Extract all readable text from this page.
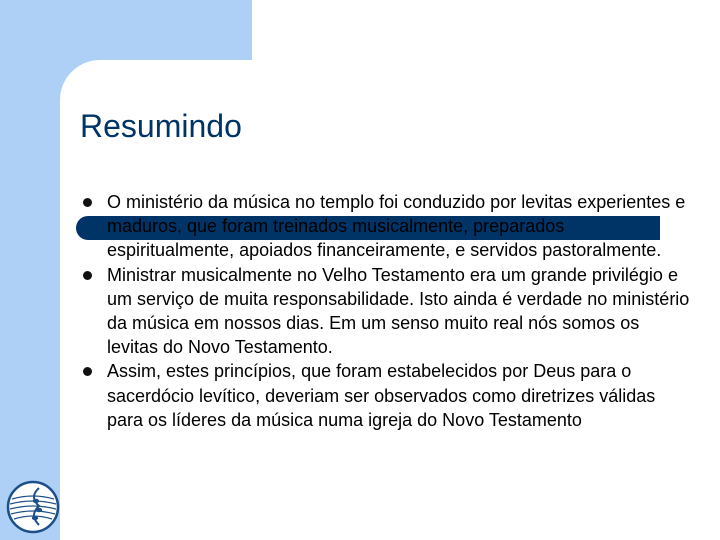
Resumindo
O ministério da música no templo foi conduzido por levitas experientes e maduros, que foram treinados musicalmente, preparados espiritualmente, apoiados financeiramente, e servidos pastoralmente.
Ministrar musicalmente no Velho Testamento era um grande privilégio e um serviço de muita responsabilidade. Isto ainda é verdade no ministério da música em nossos dias. Em um senso muito real nós somos os levitas do Novo Testamento.
Assim, estes princípios, que foram estabelecidos por Deus para o sacerdócio levítico, deveriam ser observados como diretrizes válidas para os líderes da música numa igreja do Novo Testamento
